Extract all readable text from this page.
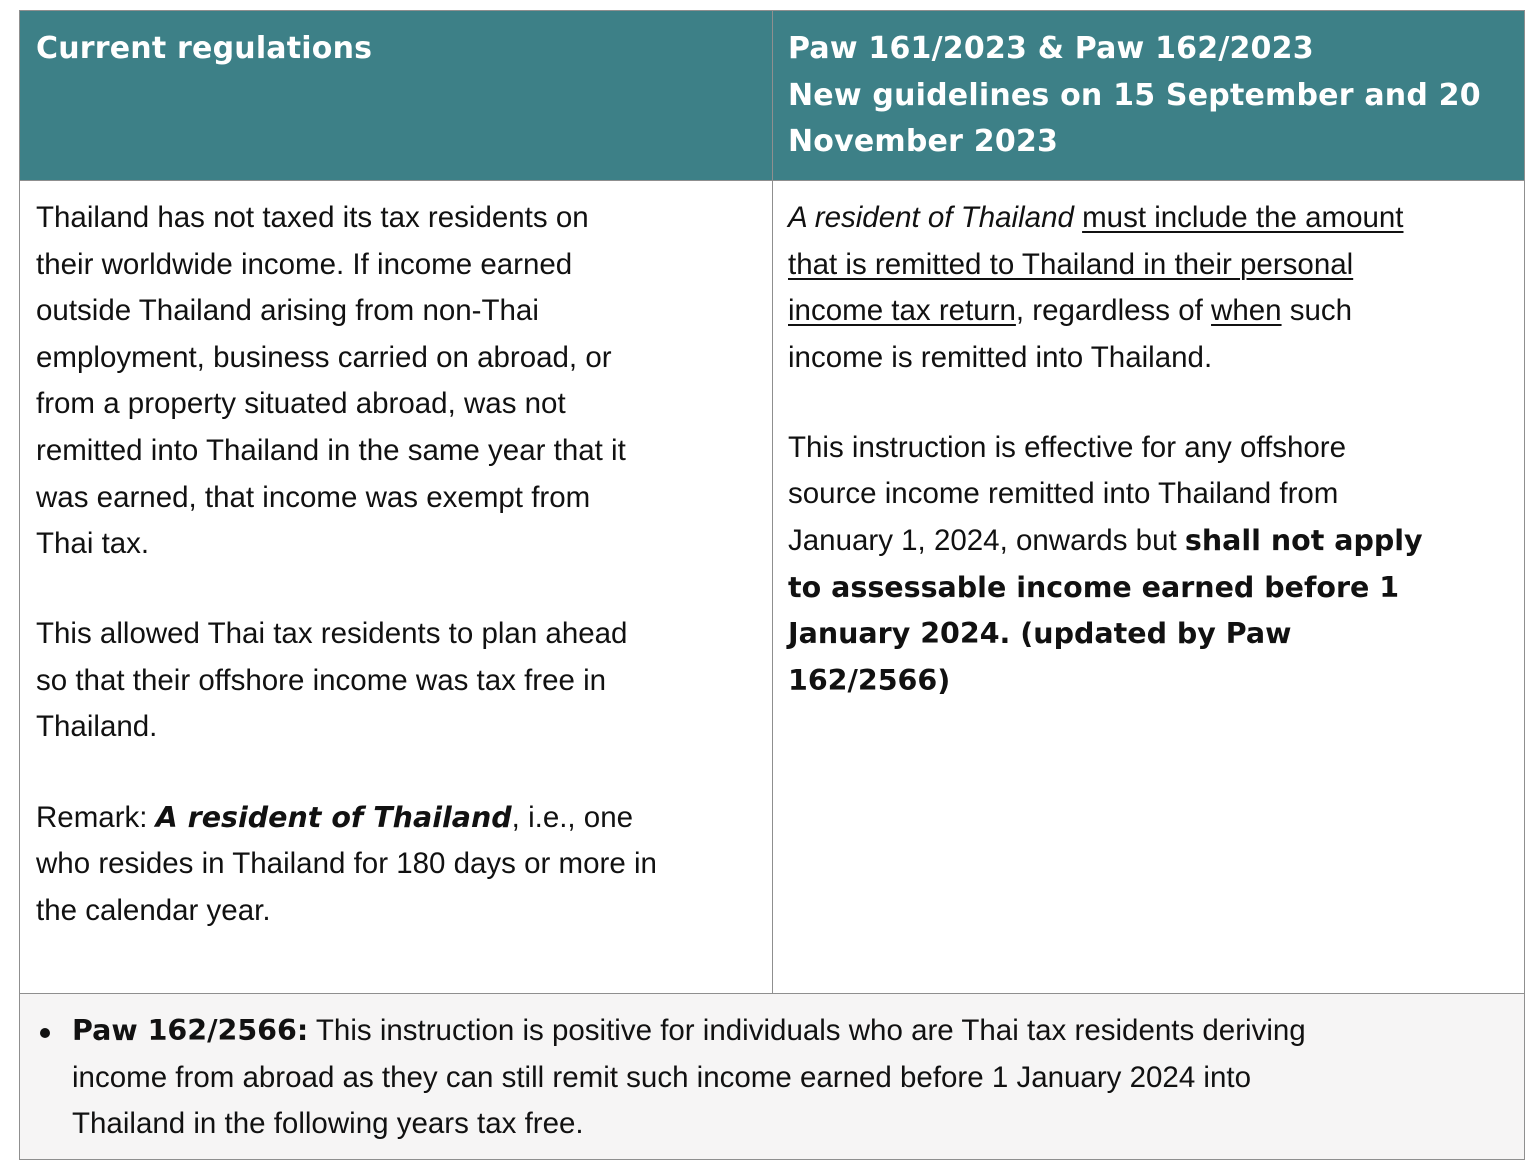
Current regulations	Paw 161/2023 & Paw 162/2023
New guidelines on 15 September and 20
November 2023
Thailand has not taxed its tax residents on
their worldwide income. If income earned
outside Thailand arising from non-Thai
employment, business carried on abroad, or
from a property situated abroad, was not
remitted into Thailand in the same year that it
was earned, that income was exempt from
Thai tax.
This allowed Thai tax residents to plan ahead
so that their offshore income was tax free in
Thailand.
Remark: A resident of Thailand, i.e., one
who resides in Thailand for 180 days or more in
the calendar year.
A resident of Thailand must include the amount
that is remitted to Thailand in their personal
income tax return, regardless of when such
income is remitted into Thailand.
This instruction is effective for any offshore
source income remitted into Thailand from
January 1, 2024, onwards but shall not apply
to assessable income earned before 1
January 2024. (updated by Paw
162/2566)
Paw 162/2566: This instruction is positive for individuals who are Thai tax residents deriving
income from abroad as they can still remit such income earned before 1 January 2024 into
Thailand in the following years tax free.
